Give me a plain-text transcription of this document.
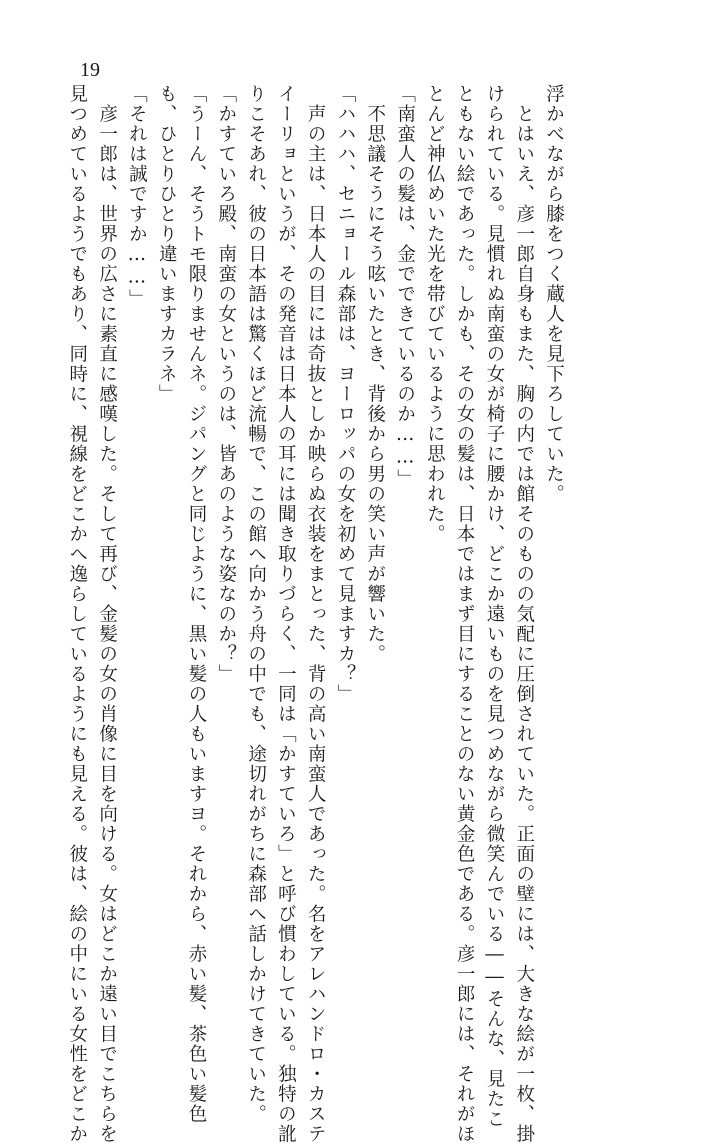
19
浮かべながら膝をつく蔵人を見下ろしていた。
　とはいえ、彦一郎自身もまた、胸の内では館そのものの気配に圧倒されていた。正面の壁には、大きな絵が一枚、掛
けられている。見慣れぬ南蛮の女が椅子に腰かけ、どこか遠いものを見つめながら微笑んでいる――そんな、見たこ
ともない絵であった。しかも、その女の髪は、日本ではまず目にすることのない黄金色である。彦一郎には、それがほ
とんど神仏めいた光を帯びているように思われた。
「南蛮人の髪は、金でできているのか……」
　不思議そうにそう呟いたとき、背後から男の笑い声が響いた。
「ハハハ、セニョール森部は、ヨーロッパの女を初めて見ますカ？」
　声の主は、日本人の目には奇抜としか映らぬ衣装をまとった、背の高い南蛮人であった。名をアレハンドロ・カステ
イーリョというが、その発音は日本人の耳には聞き取りづらく、一同は「かすていろ」と呼び慣わしている。独特の訛
りこそあれ、彼の日本語は驚くほど流暢で、この館へ向かう舟の中でも、途切れがちに森部へ話しかけてきていた。
「かすていろ殿、南蛮の女というのは、皆あのような姿なのか？」
「うーん、そうトモ限りませんネ。ジパングと同じように、黒い髪の人もいますヨ。それから、赤い髪、茶色い髪色
も、ひとりひとり違いますカラネ」
「それは誠ですか……」
　彦一郎は、世界の広さに素直に感嘆した。そして再び、金髪の女の肖像に目を向ける。女はどこか遠い目でこちらを
見つめているようでもあり、同時に、視線をどこかへ逸らしているようにも見える。彼は、絵の中にいる女性をどこか
